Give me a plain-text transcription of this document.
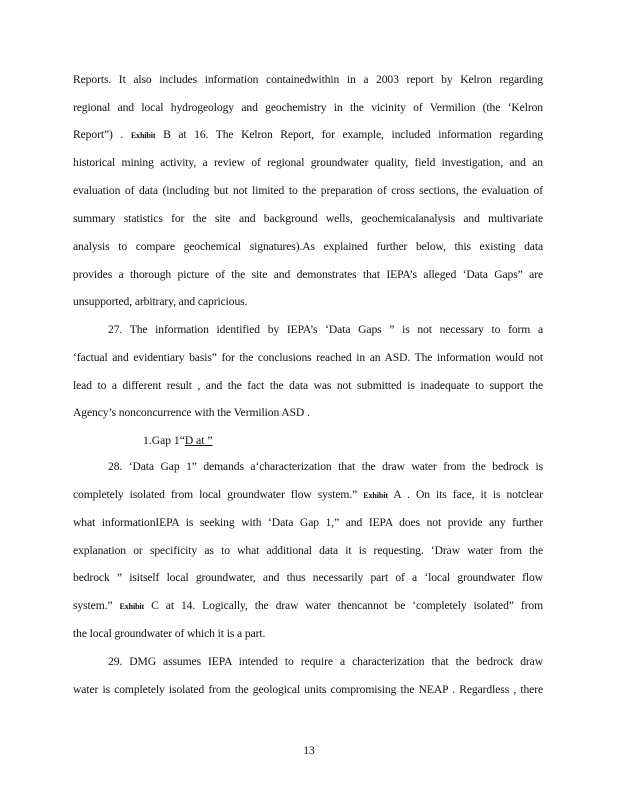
Reports. It also includes information containedwithin in a 2003 report by Kelron regarding
regional and local hydrogeology and geochemistry in the vicinity of Vermilion (the ‘Kelron
Report”) . Exhibit B at 16. The Kelron Report, for example, included information regarding
historical mining activity, a review of regional groundwater quality, field investigation, and an
evaluation of data (including but not limited to the preparation of cross sections, the evaluation of
summary statistics for the site and background wells, geochemicalanalysis and multivariate
analysis to compare geochemical signatures).As explained further below, this existing data
provides a thorough picture of the site and demonstrates that IEPA’s alleged ‘Data Gaps” are
unsupported, arbitrary, and capricious.
27. The information identified by IEPA’s ‘Data Gaps ” is not necessary to form a
‘factual and evidentiary basis” for the conclusions reached in an ASD. The information would not
lead to a different result , and the fact the data was not submitted is inadequate to support the
Agency’s nonconcurrence with the Vermilion ASD .
1.Gap 1“D at ”
28. ‘Data Gap 1” demands a‘characterization that the draw water from the bedrock is
completely isolated from local groundwater flow system.” Exhibit A . On its face, it is notclear
what informationIEPA is seeking with ‘Data Gap 1,” and IEPA does not provide any further
explanation or specificity as to what additional data it is requesting. ‘Draw water from the
bedrock ” isitself local groundwater, and thus necessarily part of a ‘local groundwater flow
system.” Exhibit C at 14. Logically, the draw water thencannot be ‘completely isolated” from
the local groundwater of which it is a part.
29. DMG assumes IEPA intended to require a characterization that the bedrock draw
water is completely isolated from the geological units compromising the NEAP . Regardless , there
13
